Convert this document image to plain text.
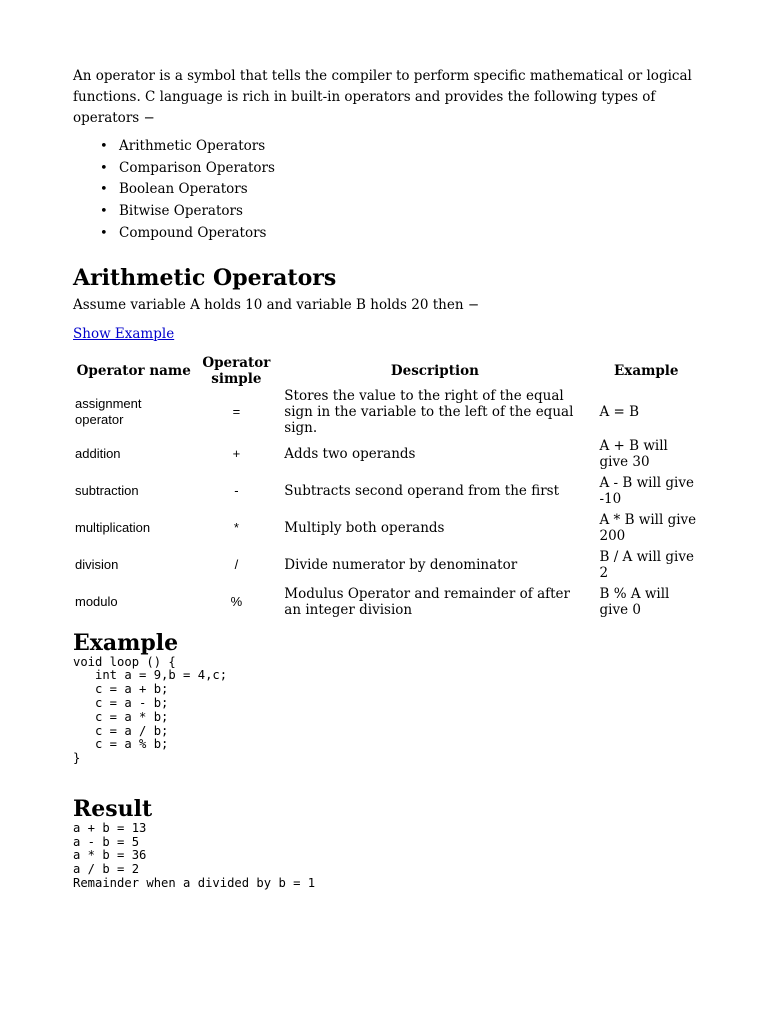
An operator is a symbol that tells the compiler to perform specific mathematical or logical functions. C language is rich in built-in operators and provides the following types of operators −

• Arithmetic Operators
• Comparison Operators
• Boolean Operators
• Bitwise Operators
• Compound Operators
Arithmetic Operators

Assume variable A holds 10 and variable B holds 20 then −

Show Example
Operator name	Operator simple	Description	Example
assignment operator	=	Stores the value to the right of the equal sign in the variable to the left of the equal sign.	A = B
addition	+	Adds two operands	A + B will give 30
subtraction	-	Subtracts second operand from the first	A - B will give -10
multiplication	*	Multiply both operands	A * B will give 200
division	/	Divide numerator by denominator	B / A will give 2
modulo	%	Modulus Operator and remainder of after an integer division	B % A will give 0
Example
void loop () {
int a = 9,b = 4,c;
c = a + b;
c = a - b;
c = a * b;
c = a / b;
c = a % b;
}
Result
a + b = 13
a - b = 5
a * b = 36
a / b = 2
Remainder when a divided by b = 1
